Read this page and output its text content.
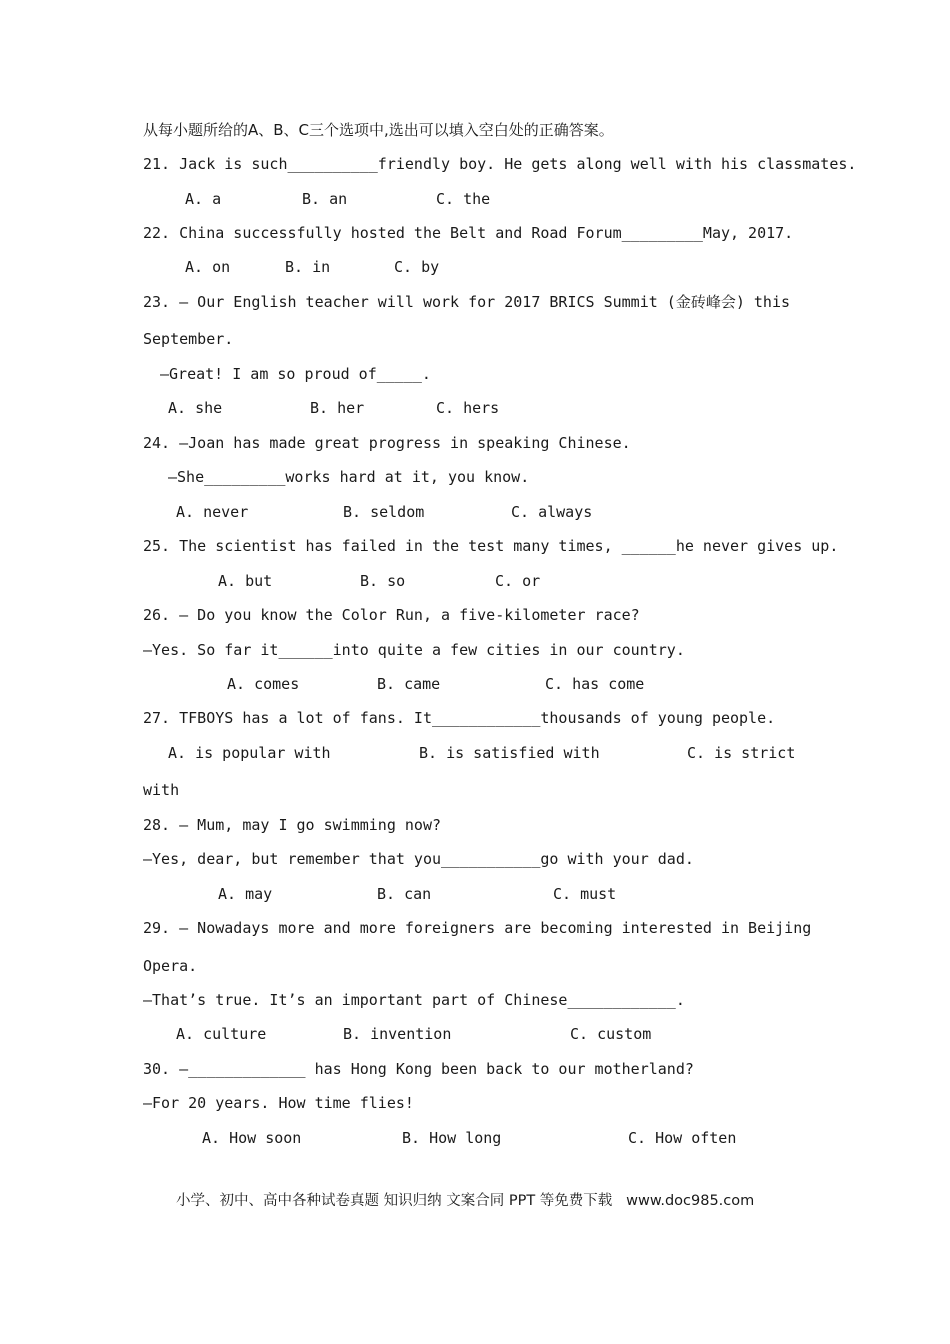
从每小题所给的A、B、C三个选项中,选出可以填入空白处的正确答案。
21. Jack is such__________friendly boy. He gets along well with his classmates.
A. a	B. an	C. the
22. China successfully hosted the Belt and Road Forum_________May, 2017.
A. on	B. in	C. by
23. — Our English teacher will work for 2017 BRICS Summit (金砖峰会) this
September.
—Great! I am so proud of_____.
A. she	B. her	C. hers
24. —Joan has made great progress in speaking Chinese.
—She_________works hard at it, you know.
A. never	B. seldom	C. always
25. The scientist has failed in the test many times, ______he never gives up.
A. but	B. so	C. or
26. — Do you know the Color Run, a five-kilometer race?
—Yes. So far it______into quite a few cities in our country.
A. comes	B. came	C. has come
27. TFBOYS has a lot of fans. It____________thousands of young people.
A. is popular with	B. is satisfied with	C. is strict
with
28. — Mum, may I go swimming now?
—Yes, dear, but remember that you___________go with your dad.
A. may	B. can	C. must
29. — Nowadays more and more foreigners are becoming interested in Beijing
Opera.
—That’s true. It’s an important part of Chinese____________.
A. culture	B. invention	C. custom
30. —_____________ has Hong Kong been back to our motherland?
—For 20 years. How time flies!
A. How soon	B. How long	C. How often
小学、初中、高中各种试卷真题 知识归纳 文案合同 PPT 等免费下载   www.doc985.com
